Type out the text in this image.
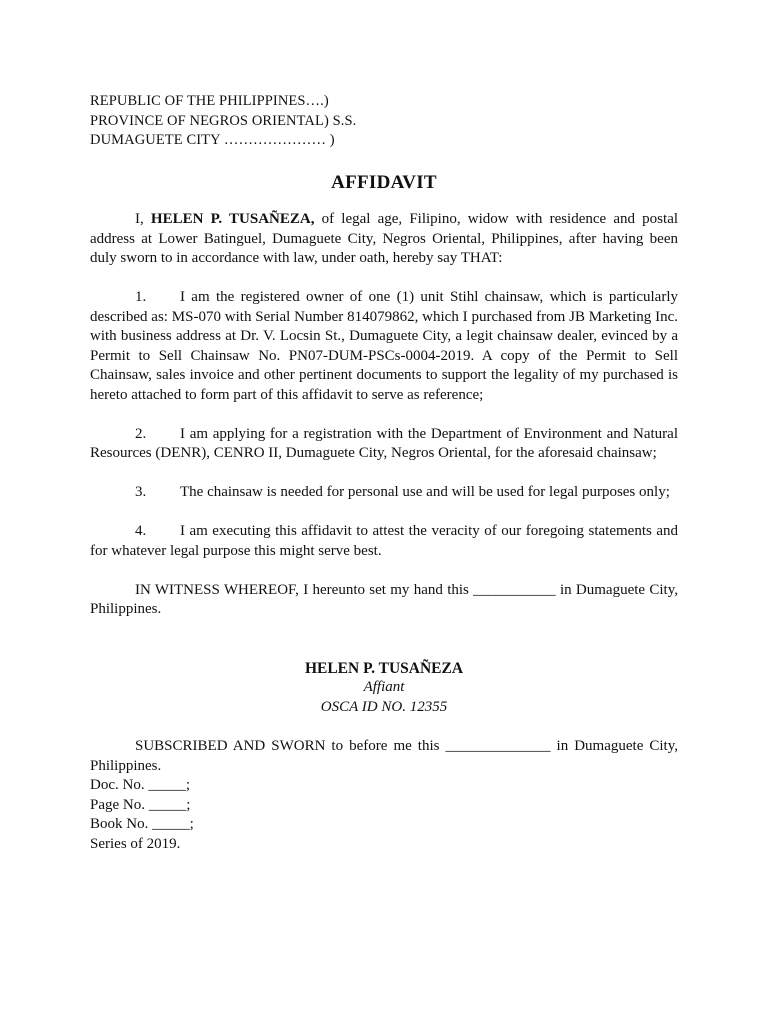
REPUBLIC OF THE PHILIPPINES….)
PROVINCE OF NEGROS ORIENTAL) S.S.
DUMAGUETE CITY ………………… )
AFFIDAVIT

I, HELEN P. TUSAÑEZA, of legal age, Filipino, widow with residence and postal address at Lower Batinguel, Dumaguete City, Negros Oriental, Philippines, after having been duly sworn to in accordance with law, under oath, hereby say THAT:

1. I am the registered owner of one (1) unit Stihl chainsaw, which is particularly described as: MS-070 with Serial Number 814079862, which I purchased from JB Marketing Inc. with business address at Dr. V. Locsin St., Dumaguete City, a legit chainsaw dealer, evinced by a Permit to Sell Chainsaw No. PN07-DUM-PSCs-0004-2019. A copy of the Permit to Sell Chainsaw, sales invoice and other pertinent documents to support the legality of my purchased is hereto attached to form part of this affidavit to serve as reference;

2. I am applying for a registration with the Department of Environment and Natural Resources (DENR), CENRO II, Dumaguete City, Negros Oriental, for the aforesaid chainsaw;

3. The chainsaw is needed for personal use and will be used for legal purposes only;

4. I am executing this affidavit to attest the veracity of our foregoing statements and for whatever legal purpose this might serve best.

IN WITNESS WHEREOF, I hereunto set my hand this ___________ in Dumaguete City, Philippines.

HELEN P. TUSAÑEZA
Affiant
OSCA ID NO. 12355

SUBSCRIBED AND SWORN to before me this ______________ in Dumaguete City, Philippines.

Doc. No. _____;
Page No. _____;
Book No. _____;
Series of 2019.
